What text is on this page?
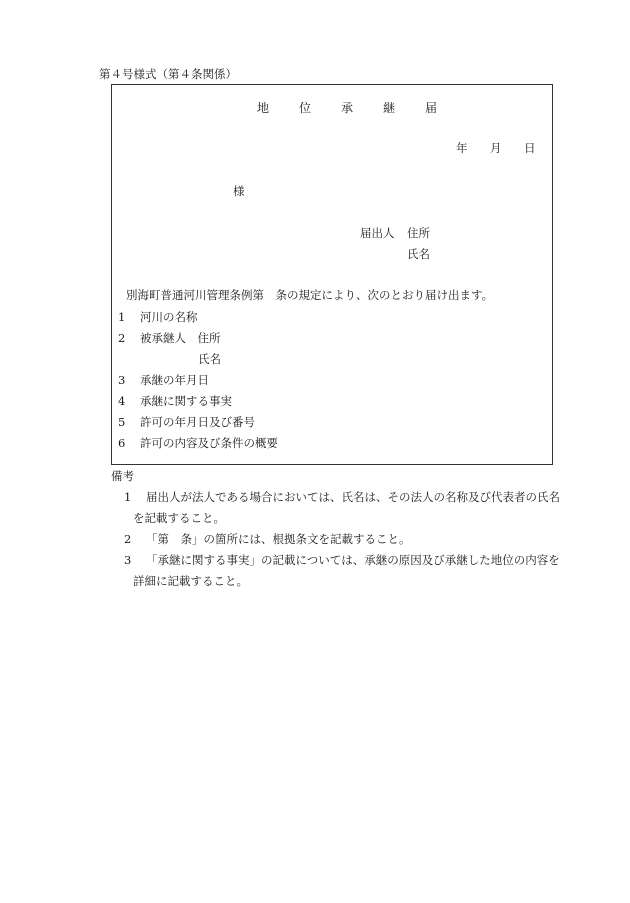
第４号様式（第４条関係）
地位承継届
年 月 日
様
届出人 住所
氏名
別海町普通河川管理条例第　条の規定により、次のとおり届け出ます。
1 河川の名称
2 被承継人　住所
氏名
3 承継の年月日
4 承継に関する事実
5 許可の年月日及び番号
6 許可の内容及び条件の概要
備考
1 届出人が法人である場合においては、氏名は、その法人の名称及び代表者の氏名
を記載すること。
2 「第　条」の箇所には、根拠条文を記載すること。
3 「承継に関する事実」の記載については、承継の原因及び承継した地位の内容を
詳細に記載すること。
